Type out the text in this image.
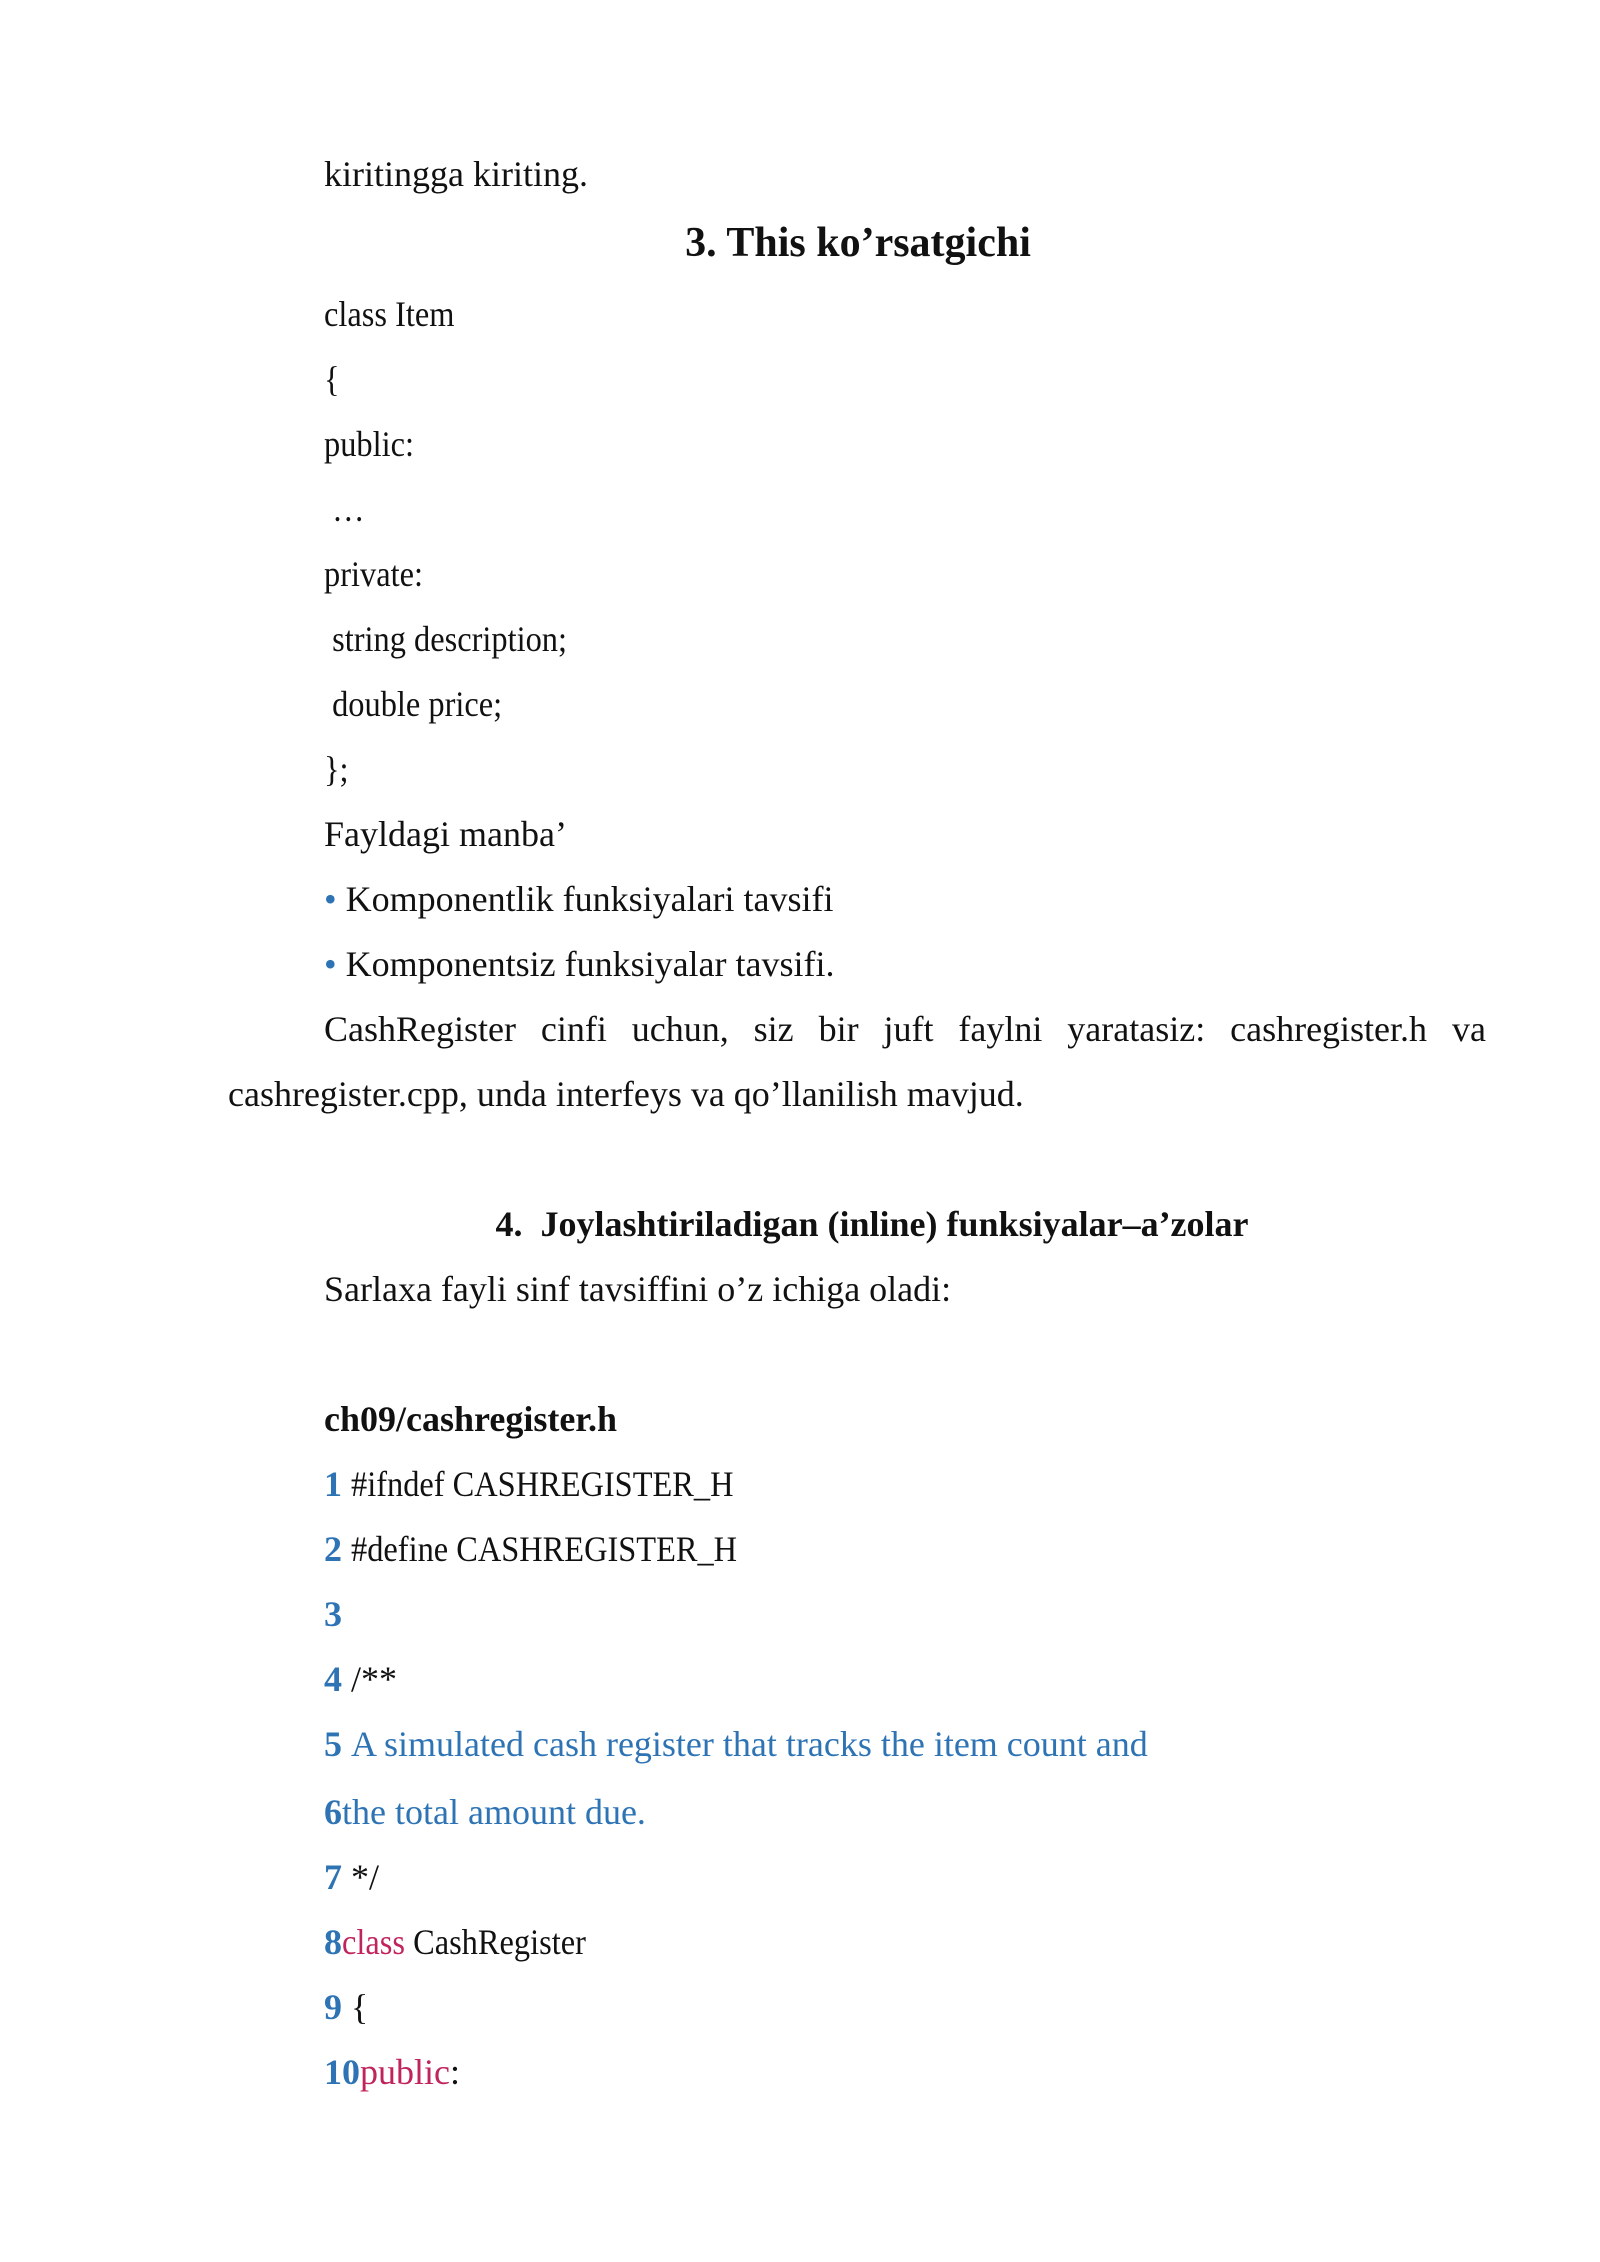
kiritingga kiriting.
3. This ko’rsatgichi
class Item
{
public:
…
private:
string description;
double price;
};
Fayldagi manba’
• Komponentlik funksiyalari tavsifi
• Komponentsiz funksiyalar tavsifi.
CashRegister cinfi uchun, siz bir juft faylni yaratasiz: cashregister.h va
cashregister.cpp, unda interfeys va qo’llanilish mavjud.
4.  Joylashtiriladigan (inline) funksiyalar–a’zolar
Sarlaxa fayli sinf tavsiffini o’z ichiga oladi:
ch09/cashregister.h
1 #ifndef CASHREGISTER_H
2 #define CASHREGISTER_H
3
4 /**
5 A simulated cash register that tracks the item count and
6the total amount due.
7 */
8class CashRegister
9 {
10public:
